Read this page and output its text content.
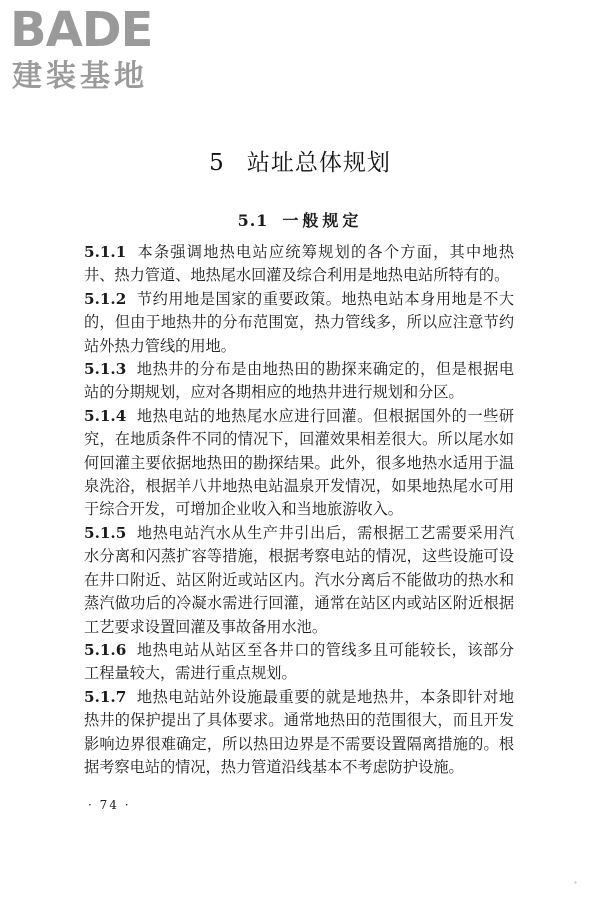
BADE
建装基地
5 站址总体规划
5.1 一般规定

5.1.1 本条强调地热电站应统筹规划的各个方面，其中地热井、热力管道、地热尾水回灌及综合利用是地热电站所特有的。

5.1.2 节约用地是国家的重要政策。地热电站本身用地是不大的，但由于地热井的分布范围宽，热力管线多，所以应注意节约站外热力管线的用地。

5.1.3 地热井的分布是由地热田的勘探来确定的，但是根据电站的分期规划，应对各期相应的地热井进行规划和分区。

5.1.4 地热电站的地热尾水应进行回灌。但根据国外的一些研究，在地质条件不同的情况下，回灌效果相差很大。所以尾水如何回灌主要依据地热田的勘探结果。此外，很多地热水适用于温泉洗浴，根据羊八井地热电站温泉开发情况，如果地热尾水可用于综合开发，可增加企业收入和当地旅游收入。

5.1.5 地热电站汽水从生产井引出后，需根据工艺需要采用汽水分离和闪蒸扩容等措施，根据考察电站的情况，这些设施可设在井口附近、站区附近或站区内。汽水分离后不能做功的热水和蒸汽做功后的冷凝水需进行回灌，通常在站区内或站区附近根据工艺要求设置回灌及事故备用水池。

5.1.6 地热电站从站区至各井口的管线多且可能较长，该部分工程量较大，需进行重点规划。

5.1.7 地热电站站外设施最重要的就是地热井，本条即针对地热井的保护提出了具体要求。通常地热田的范围很大，而且开发影响边界很难确定，所以热田边界是不需要设置隔离措施的。根据考察电站的情况，热力管道沿线基本不考虑防护设施。

· 74 ·
